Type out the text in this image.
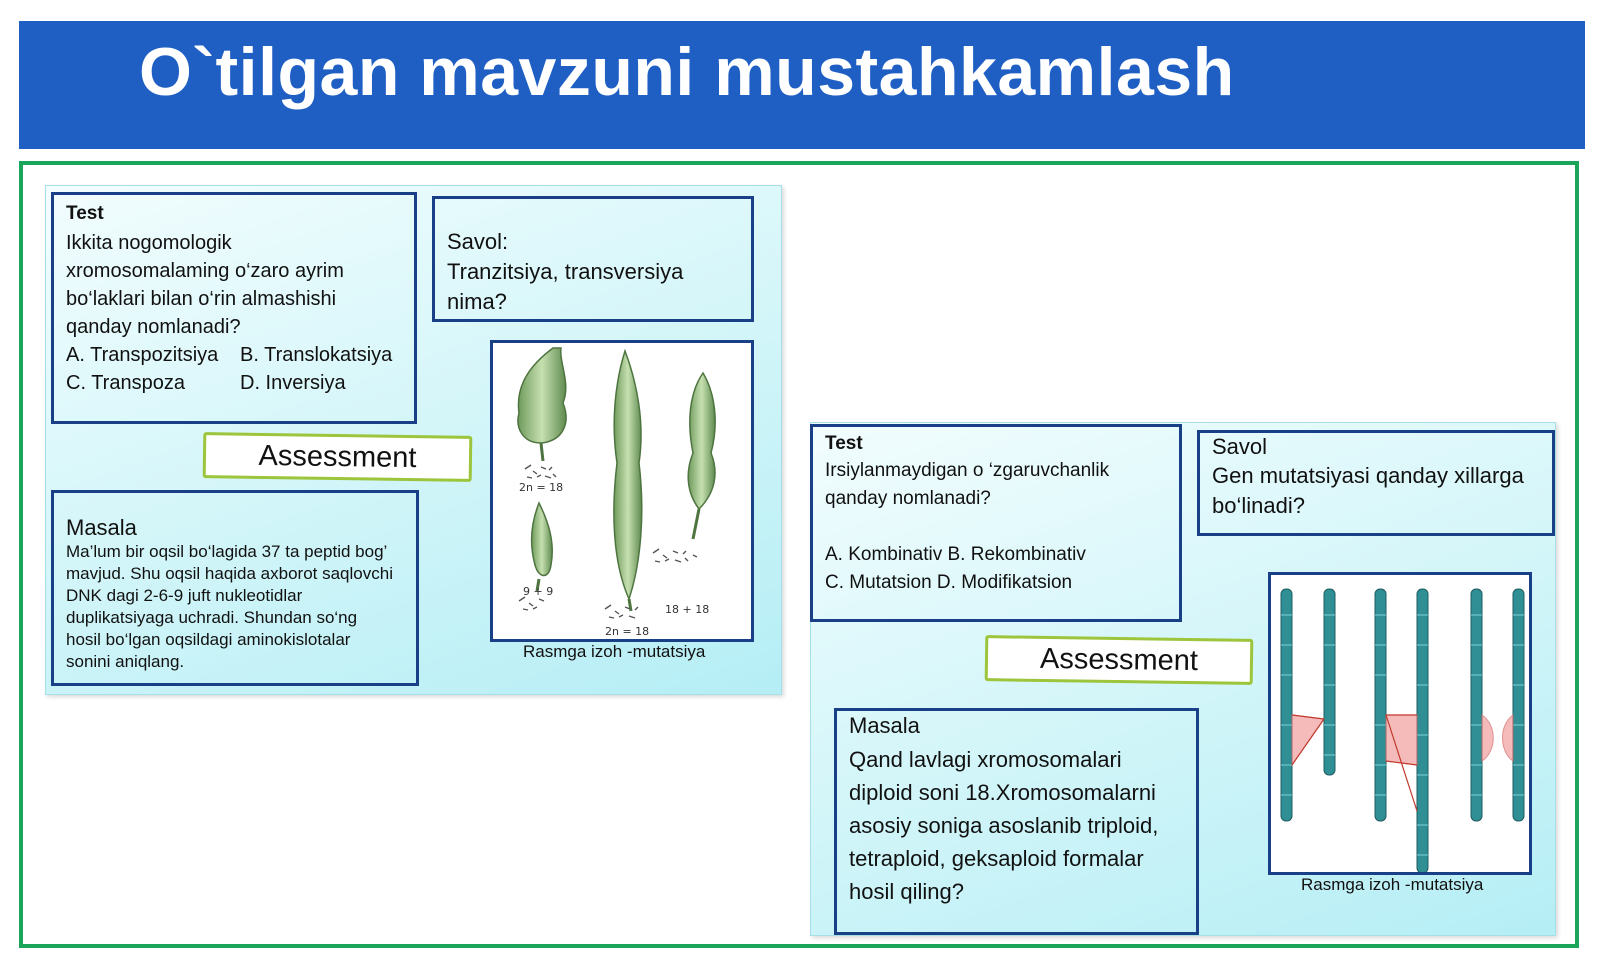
O`tilgan mavzuni mustahkamlash
Test
Ikkita nogomologik xromosomalaming o‘zaro ayrim bo‘laklari bilan o‘rin almashishi qanday nomlanadi?
A. Transpozitsiya	B. Translokatsiya
C. Transpoza	D. Inversiya
Savol:
Tranzitsiya, transversiya nima?
Assessment
Masala
Ma’lum bir oqsil bo‘lagida 37 ta peptid bog’ mavjud. Shu oqsil haqida axborot saqlovchi DNK dagi 2-6-9 juft nukleotidlar duplikatsiyaga uchradi. Shundan so‘ng hosil bo‘lgan oqsildagi aminokislotalar sonini aniqlang.
2n = 18
9 + 9
2n = 18
18 + 18
Rasmga izoh -mutatsiya
Test
Irsiylanmaydigan o ‘zgaruvchanlik qanday nomlanadi?
A. Kombinativ B. Rekombinativ
C. Mutatsion D. Modifikatsion
Savol
Gen mutatsiyasi qanday xillarga bo‘linadi?
Assessment
Masala
Qand lavlagi xromosomalari diploid soni 18.Xromosomalarni asosiy soniga asoslanib triploid, tetraploid, geksaploid formalar hosil qiling?	Rasmga izoh -mutatsiya
